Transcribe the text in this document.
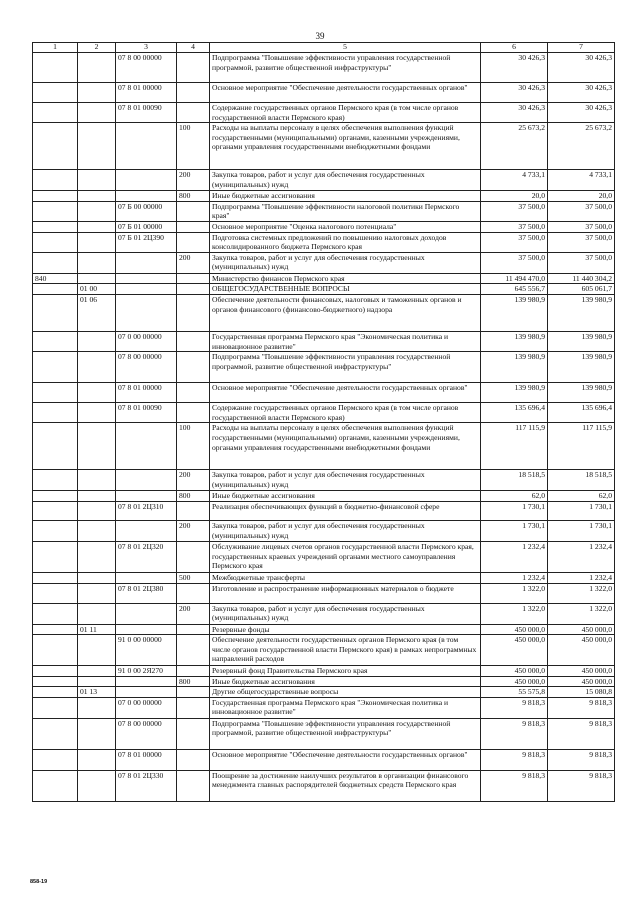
39
1	2	3	4	5	6	7
		07 8 00 00000		Подпрограмма "Повышение эффективности управления государственной программой, развитие общественной инфраструктуры"	30 426,3	30 426,3
		07 8 01 00000		Основное мероприятие "Обеспечение деятельности государственных органов"	30 426,3	30 426,3
		07 8 01 00090		Содержание государственных органов Пермского края (в том числе органов государственной власти Пермского края)	30 426,3	30 426,3
			100	Расходы на выплаты персоналу в целях обеспечения выполнения функций государственными (муниципальными) органами, казенными учреждениями, органами управления государственными внебюджетными фондами	25 673,2	25 673,2
			200	Закупка товаров, работ и услуг для обеспечения государственных (муниципальных) нужд	4 733,1	4 733,1
			800	Иные бюджетные ассигнования	20,0	20,0
		07 Б 00 00000		Подпрограмма "Повышение эффективности налоговой политики Пермского края"	37 500,0	37 500,0
		07 Б 01 00000		Основное мероприятие "Оценка налогового потенциала"	37 500,0	37 500,0
		07 Б 01 2Ц390		Подготовка системных предложений по повышению налоговых доходов консолидированного бюджета Пермского края	37 500,0	37 500,0
			200	Закупка товаров, работ и услуг для обеспечения государственных (муниципальных) нужд	37 500,0	37 500,0
840				Министерство финансов Пермского края	11 494 470,0	11 440 304,2
	01 00			ОБЩЕГОСУДАРСТВЕННЫЕ ВОПРОСЫ	645 556,7	605 061,7
	01 06			Обеспечение деятельности финансовых, налоговых и таможенных органов и органов финансового (финансово-бюджетного) надзора	139 980,9	139 980,9
		07 0 00 00000		Государственная программа Пермского края "Экономическая политика и инновационное развитие"	139 980,9	139 980,9
		07 8 00 00000		Подпрограмма "Повышение эффективности управления государственной программой, развитие общественной инфраструктуры"	139 980,9	139 980,9
		07 8 01 00000		Основное мероприятие "Обеспечение деятельности государственных органов"	139 980,9	139 980,9
		07 8 01 00090		Содержание государственных органов Пермского края (в том числе органов государственной власти Пермского края)	135 696,4	135 696,4
			100	Расходы на выплаты персоналу в целях обеспечения выполнения функций государственными (муниципальными) органами, казенными учреждениями, органами управления государственными внебюджетными фондами	117 115,9	117 115,9
			200	Закупка товаров, работ и услуг для обеспечения государственных (муниципальных) нужд	18 518,5	18 518,5
			800	Иные бюджетные ассигнования	62,0	62,0
		07 8 01 2Ц310		Реализация обеспечивающих функций в бюджетно-финансовой сфере	1 730,1	1 730,1
			200	Закупка товаров, работ и услуг для обеспечения государственных (муниципальных) нужд	1 730,1	1 730,1
		07 8 01 2Ц320		Обслуживание лицевых счетов органов государственной власти Пермского края, государственных краевых учреждений органами местного самоуправления Пермского края	1 232,4	1 232,4
			500	Межбюджетные трансферты	1 232,4	1 232,4
		07 8 01 2Ц380		Изготовление и распространение информационных материалов о бюджете	1 322,0	1 322,0
			200	Закупка товаров, работ и услуг для обеспечения государственных (муниципальных) нужд	1 322,0	1 322,0
	01 11			Резервные фонды	450 000,0	450 000,0
		91 0 00 00000		Обеспечение деятельности государственных органов Пермского края (в том числе органов государственной власти Пермского края) в рамках непрограммных направлений расходов	450 000,0	450 000,0
		91 0 00 2Я270		Резервный фонд Правительства Пермского края	450 000,0	450 000,0
			800	Иные бюджетные ассигнования	450 000,0	450 000,0
	01 13			Другие общегосударственные вопросы	55 575,8	15 080,8
		07 0 00 00000		Государственная программа Пермского края "Экономическая политика и инновационное развитие"	9 818,3	9 818,3
		07 8 00 00000		Подпрограмма "Повышение эффективности управления государственной программой, развитие общественной инфраструктуры"	9 818,3	9 818,3
		07 8 01 00000		Основное мероприятие "Обеспечение деятельности государственных органов"	9 818,3	9 818,3
		07 8 01 2Ц330		Поощрение за достижение наилучших результатов в организации финансового менеджмента главных распорядителей бюджетных средств Пермского края	9 818,3	9 818,3
858-19
